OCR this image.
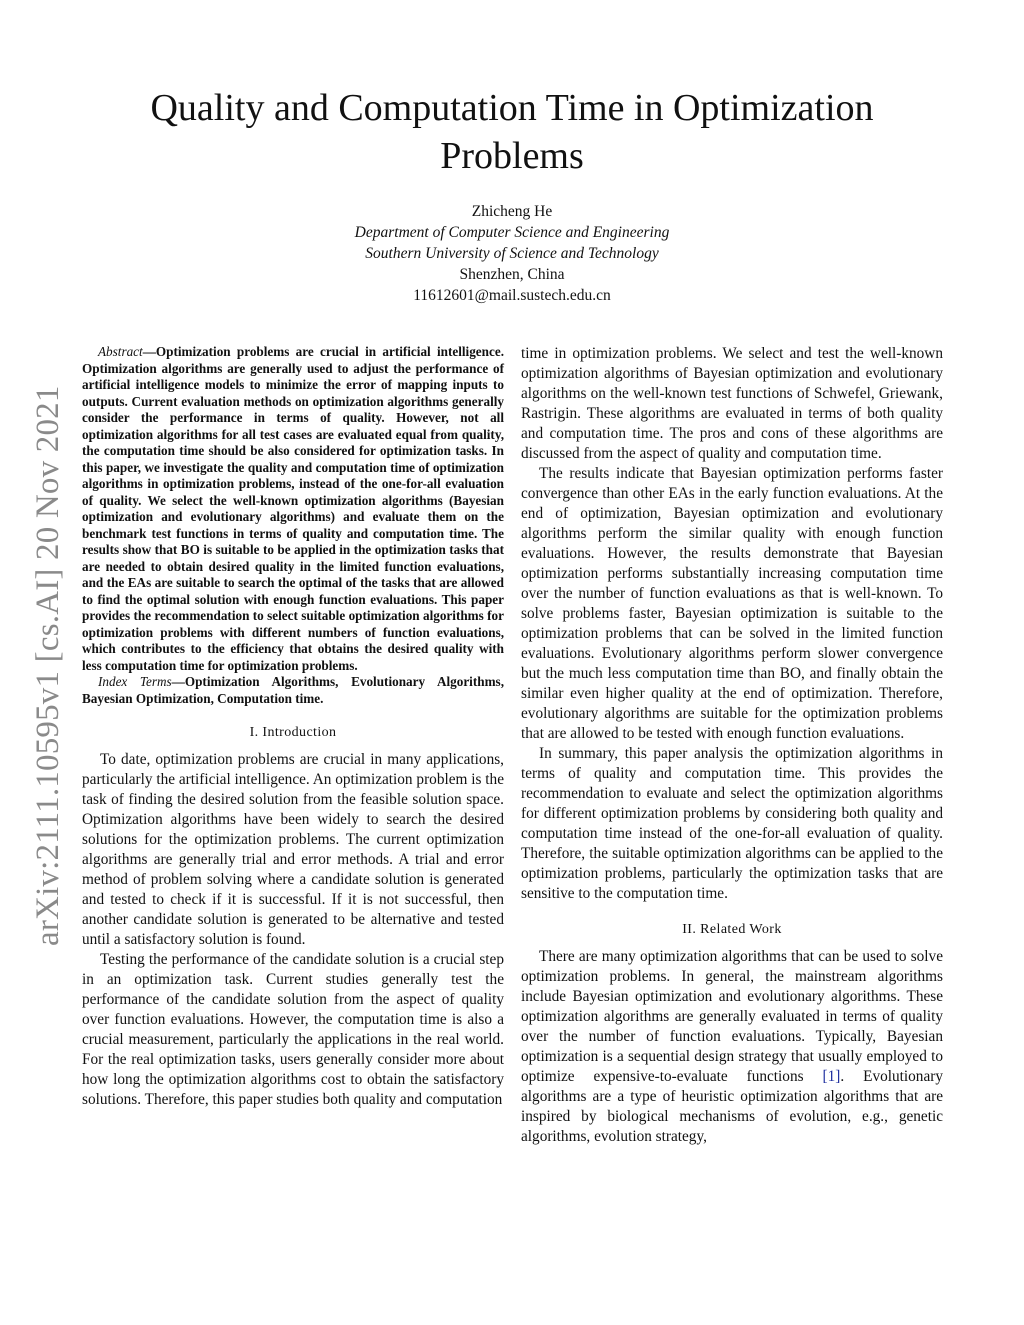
Quality and Computation Time in Optimization Problems
Zhicheng He
Department of Computer Science and Engineering
Southern University of Science and Technology
Shenzhen, China
11612601@mail.sustech.edu.cn
arXiv:2111.10595v1 [cs.AI] 20 Nov 2021

Abstract—Optimization problems are crucial in artificial intelligence. Optimization algorithms are generally used to adjust the performance of artificial intelligence models to minimize the error of mapping inputs to outputs. Current evaluation methods on optimization algorithms generally consider the performance in terms of quality. However, not all optimization algorithms for all test cases are evaluated equal from quality, the computation time should be also considered for optimization tasks. In this paper, we investigate the quality and computation time of optimization algorithms in optimization problems, instead of the one-for-all evaluation of quality. We select the well-known optimization algorithms (Bayesian optimization and evolutionary algorithms) and evaluate them on the benchmark test functions in terms of quality and computation time. The results show that BO is suitable to be applied in the optimization tasks that are needed to obtain desired quality in the limited function evaluations, and the EAs are suitable to search the optimal of the tasks that are allowed to find the optimal solution with enough function evaluations. This paper provides the recommendation to select suitable optimization algorithms for optimization problems with different numbers of function evaluations, which contributes to the efficiency that obtains the desired quality with less computation time for optimization problems.

Index Terms—Optimization Algorithms, Evolutionary Algorithms, Bayesian Optimization, Computation time.

I. Introduction

To date, optimization problems are crucial in many applications, particularly the artificial intelligence. An optimization problem is the task of finding the desired solution from the feasible solution space. Optimization algorithms have been widely to search the desired solutions for the optimization problems. The current optimization algorithms are generally trial and error methods. A trial and error method of problem solving where a candidate solution is generated and tested to check if it is successful. If it is not successful, then another candidate solution is generated to be alternative and tested until a satisfactory solution is found.

Testing the performance of the candidate solution is a crucial step in an optimization task. Current studies generally test the performance of the candidate solution from the aspect of quality over function evaluations. However, the computation time is also a crucial measurement, particularly the applications in the real world. For the real optimization tasks, users generally consider more about how long the optimization algorithms cost to obtain the satisfactory solutions. Therefore, this paper studies both quality and computation

time in optimization problems. We select and test the well-known optimization algorithms of Bayesian optimization and evolutionary algorithms on the well-known test functions of Schwefel, Griewank, Rastrigin. These algorithms are evaluated in terms of both quality and computation time. The pros and cons of these algorithms are discussed from the aspect of quality and computation time.

The results indicate that Bayesian optimization performs faster convergence than other EAs in the early function evaluations. At the end of optimization, Bayesian optimization and evolutionary algorithms perform the similar quality with enough function evaluations. However, the results demonstrate that Bayesian optimization performs substantially increasing computation time over the number of function evaluations as that is well-known. To solve problems faster, Bayesian optimization is suitable to the optimization problems that can be solved in the limited function evaluations. Evolutionary algorithms perform slower convergence but the much less computation time than BO, and finally obtain the similar even higher quality at the end of optimization. Therefore, evolutionary algorithms are suitable for the optimization problems that are allowed to be tested with enough function evaluations.

In summary, this paper analysis the optimization algorithms in terms of quality and computation time. This provides the recommendation to evaluate and select the optimization algorithms for different optimization problems by considering both quality and computation time instead of the one-for-all evaluation of quality. Therefore, the suitable optimization algorithms can be applied to the optimization problems, particularly the optimization tasks that are sensitive to the computation time.

II. Related Work

There are many optimization algorithms that can be used to solve optimization problems. In general, the mainstream algorithms include Bayesian optimization and evolutionary algorithms. These optimization algorithms are generally evaluated in terms of quality over the number of function evaluations. Typically, Bayesian optimization is a sequential design strategy that usually employed to optimize expensive-to-evaluate functions [1]. Evolutionary algorithms are a type of heuristic optimization algorithms that are inspired by biological mechanisms of evolution, e.g., genetic algorithms, evolution strategy,
